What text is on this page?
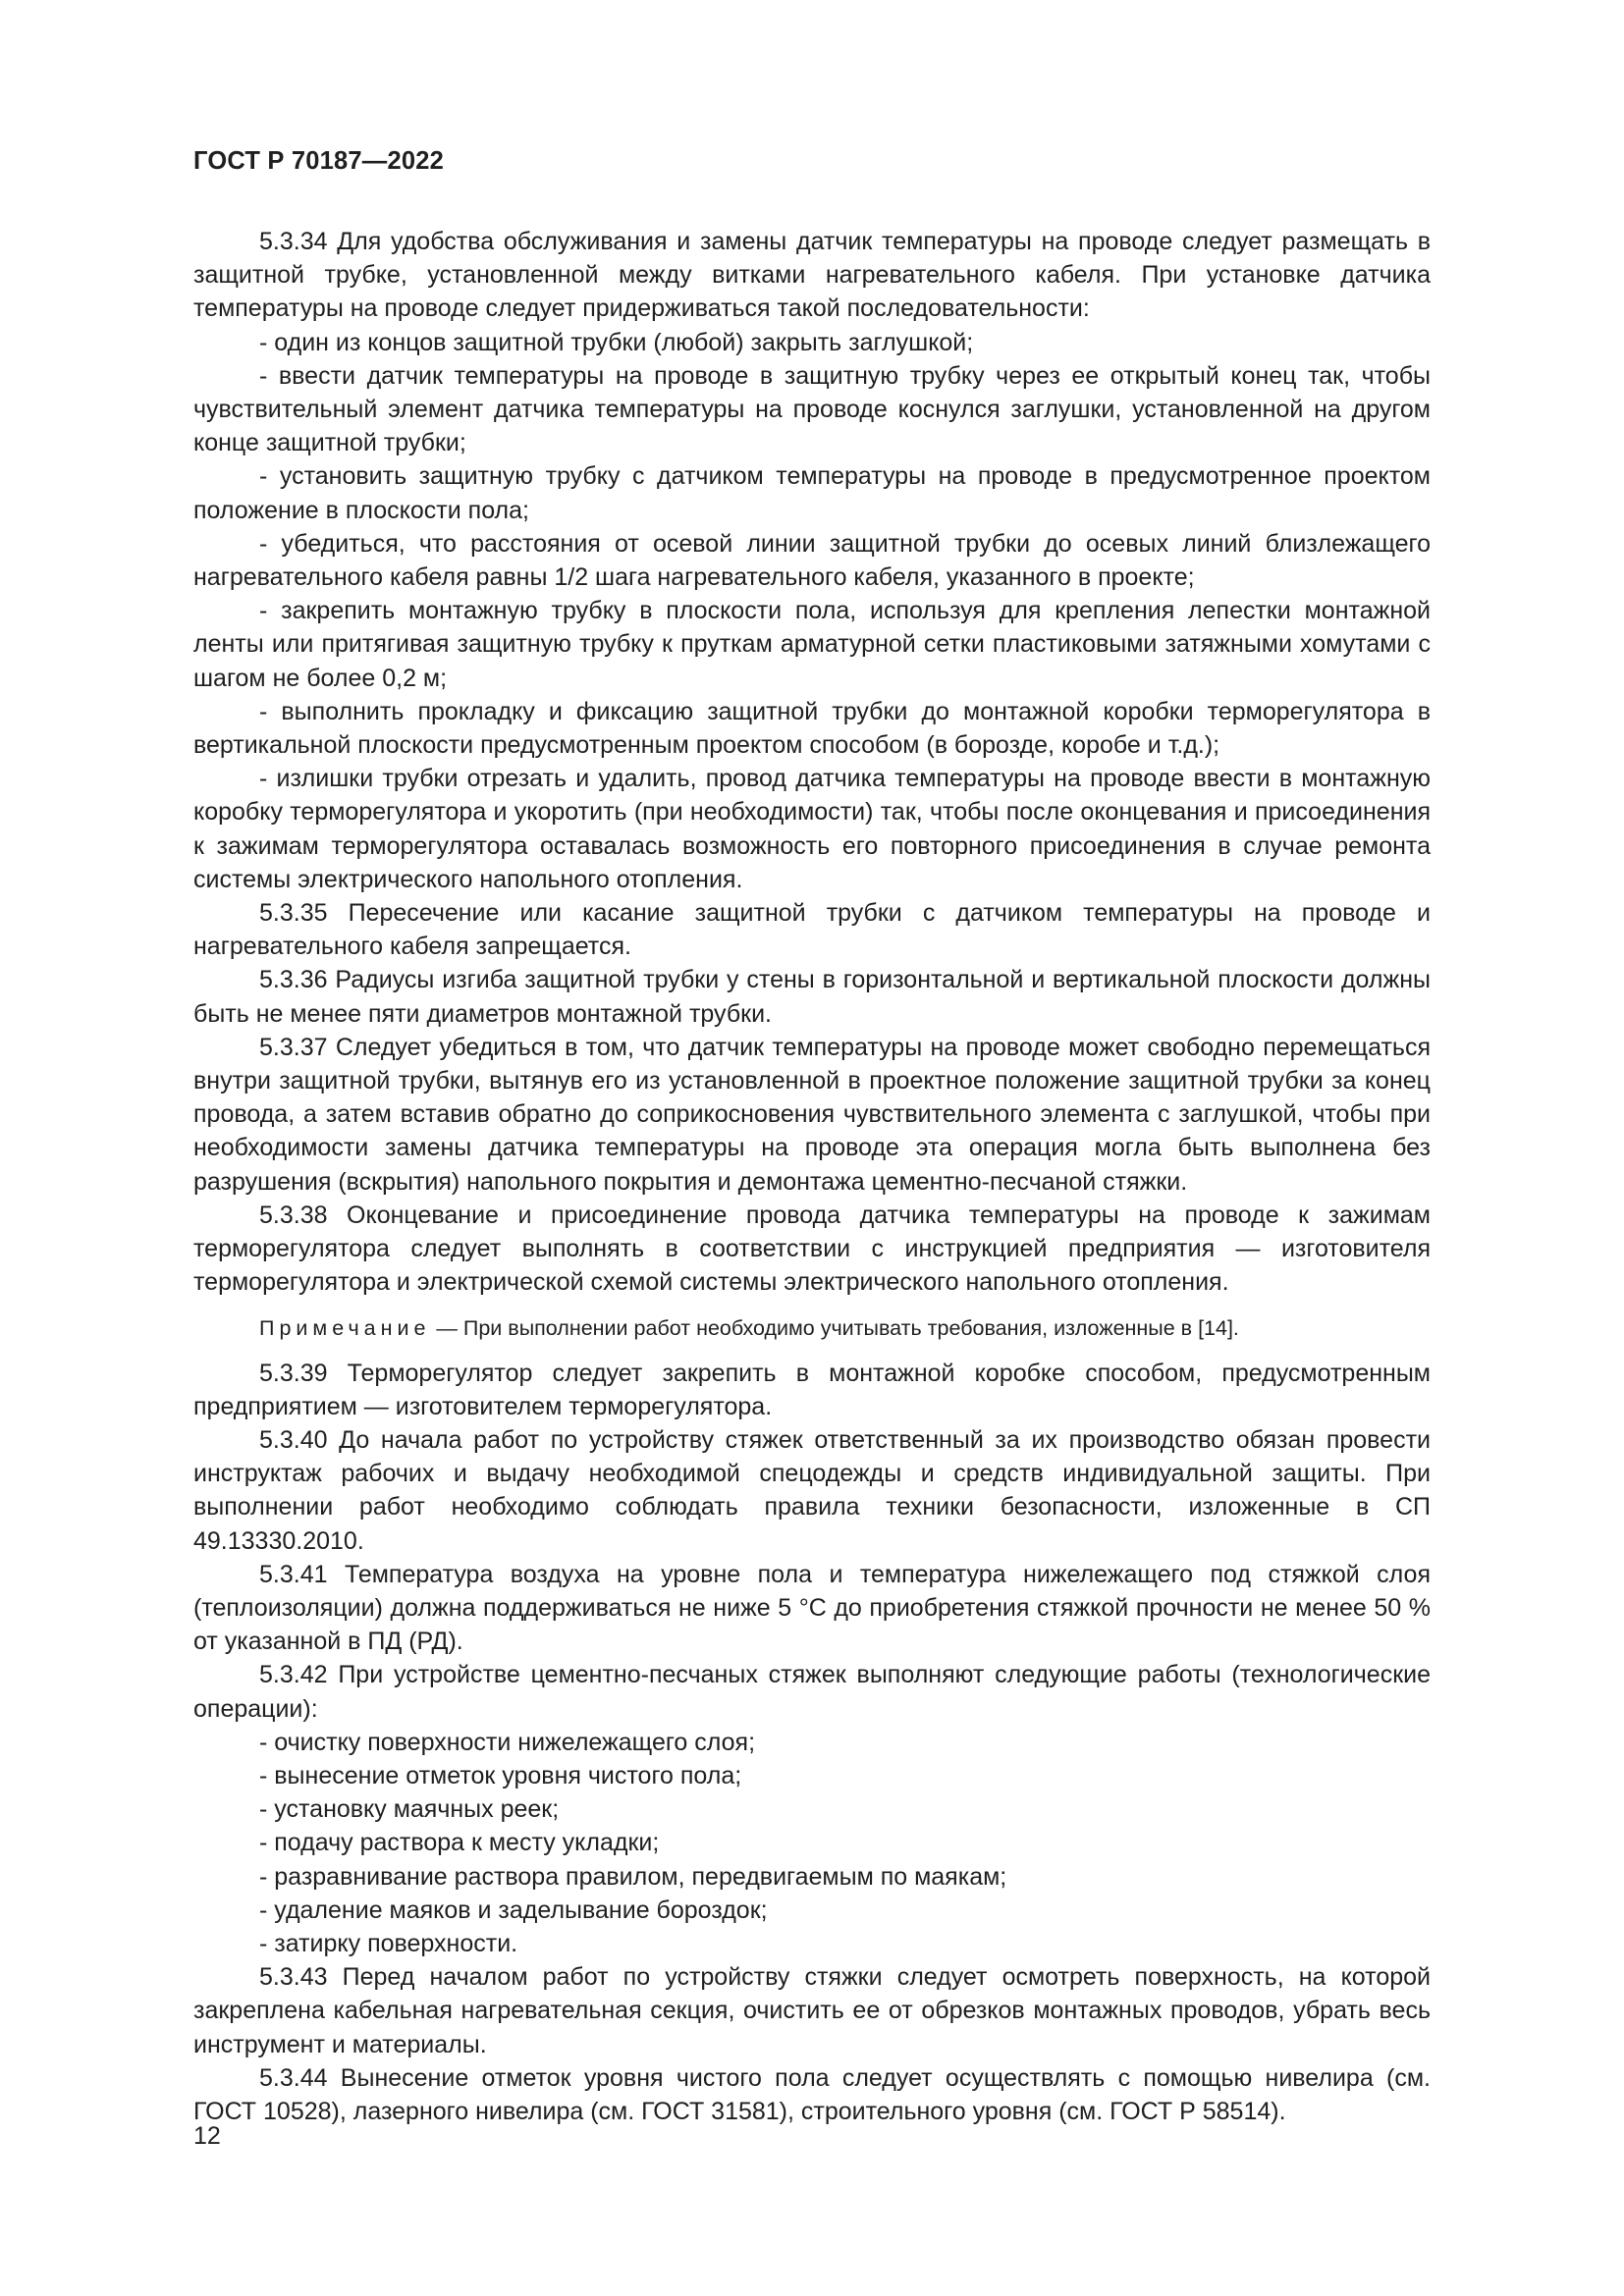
ГОСТ Р 70187—2022

5.3.34 Для удобства обслуживания и замены датчик температуры на проводе следует размещать в защитной трубке, установленной между витками нагревательного кабеля. При установке датчика температуры на проводе следует придерживаться такой последовательности:

- один из концов защитной трубки (любой) закрыть заглушкой;

- ввести датчик температуры на проводе в защитную трубку через ее открытый конец так, чтобы чувствительный элемент датчика температуры на проводе коснулся заглушки, установленной на другом конце защитной трубки;

- установить защитную трубку с датчиком температуры на проводе в предусмотренное проектом положение в плоскости пола;

- убедиться, что расстояния от осевой линии защитной трубки до осевых линий близлежащего нагревательного кабеля равны 1/2 шага нагревательного кабеля, указанного в проекте;

- закрепить монтажную трубку в плоскости пола, используя для крепления лепестки монтажной ленты или притягивая защитную трубку к пруткам арматурной сетки пластиковыми затяжными хомутами с шагом не более 0,2 м;

- выполнить прокладку и фиксацию защитной трубки до монтажной коробки терморегулятора в вертикальной плоскости предусмотренным проектом способом (в борозде, коробе и т.д.);

- излишки трубки отрезать и удалить, провод датчика температуры на проводе ввести в монтажную коробку терморегулятора и укоротить (при необходимости) так, чтобы после оконцевания и присоединения к зажимам терморегулятора оставалась возможность его повторного присоединения в случае ремонта системы электрического напольного отопления.

5.3.35 Пересечение или касание защитной трубки с датчиком температуры на проводе и нагревательного кабеля запрещается.

5.3.36 Радиусы изгиба защитной трубки у стены в горизонтальной и вертикальной плоскости должны быть не менее пяти диаметров монтажной трубки.

5.3.37 Следует убедиться в том, что датчик температуры на проводе может свободно перемещаться внутри защитной трубки, вытянув его из установленной в проектное положение защитной трубки за конец провода, а затем вставив обратно до соприкосновения чувствительного элемента с заглушкой, чтобы при необходимости замены датчика температуры на проводе эта операция могла быть выполнена без разрушения (вскрытия) напольного покрытия и демонтажа цементно-песчаной стяжки.

5.3.38 Оконцевание и присоединение провода датчика температуры на проводе к зажимам терморегулятора следует выполнять в соответствии с инструкцией предприятия — изготовителя терморегулятора и электрической схемой системы электрического напольного отопления.

Примечание — При выполнении работ необходимо учитывать требования, изложенные в [14].

5.3.39 Терморегулятор следует закрепить в монтажной коробке способом, предусмотренным предприятием — изготовителем терморегулятора.

5.3.40 До начала работ по устройству стяжек ответственный за их производство обязан провести инструктаж рабочих и выдачу необходимой спецодежды и средств индивидуальной защиты. При выполнении работ необходимо соблюдать правила техники безопасности, изложенные в СП 49.13330.2010.

5.3.41 Температура воздуха на уровне пола и температура нижележащего под стяжкой слоя (теплоизоляции) должна поддерживаться не ниже 5 °С до приобретения стяжкой прочности не менее 50 % от указанной в ПД (РД).

5.3.42 При устройстве цементно-песчаных стяжек выполняют следующие работы (технологические операции):

- очистку поверхности нижележащего слоя;

- вынесение отметок уровня чистого пола;

- установку маячных реек;

- подачу раствора к месту укладки;

- разравнивание раствора правилом, передвигаемым по маякам;

- удаление маяков и заделывание бороздок;

- затирку поверхности.

5.3.43 Перед началом работ по устройству стяжки следует осмотреть поверхность, на которой закреплена кабельная нагревательная секция, очистить ее от обрезков монтажных проводов, убрать весь инструмент и материалы.

5.3.44 Вынесение отметок уровня чистого пола следует осуществлять с помощью нивелира (см. ГОСТ 10528), лазерного нивелира (см. ГОСТ 31581), строительного уровня (см. ГОСТ Р 58514).

12
